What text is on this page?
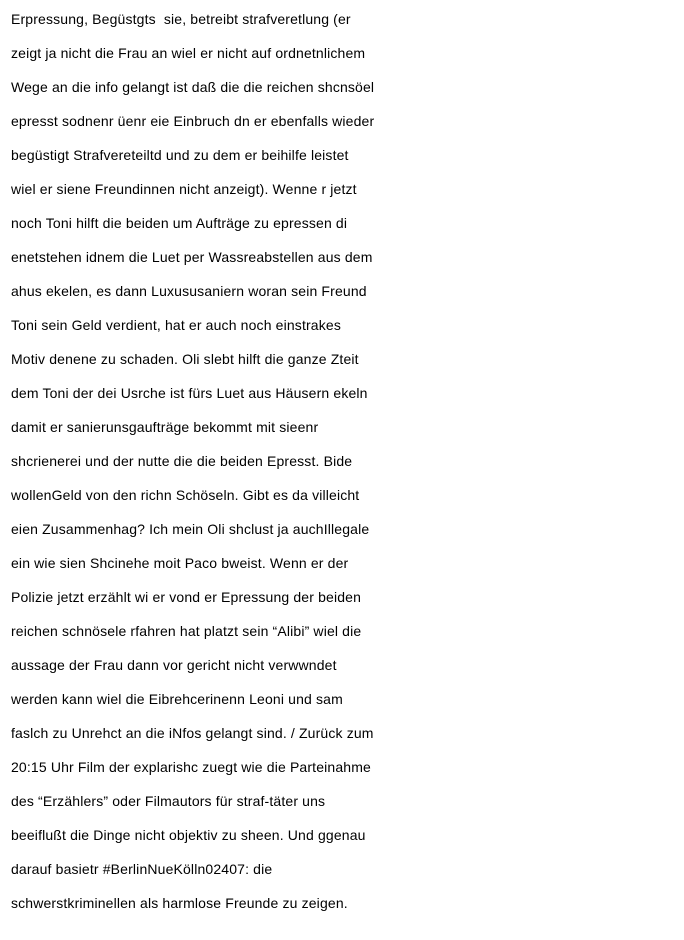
Erpressung, Begüstgts  sie, betreibt strafveretlung (er
zeigt ja nicht die Frau an wiel er nicht auf ordnetnlichem
Wege an die info gelangt ist daß die die reichen shcnsöel
epresst sodnenr üenr eie Einbruch dn er ebenfalls wieder
begüstigt Strafvereteiltd und zu dem er beihilfe leistet
wiel er siene Freundinnen nicht anzeigt). Wenne r jetzt
noch Toni hilft die beiden um Aufträge zu epressen di
enetstehen idnem die Luet per Wassreabstellen aus dem
ahus ekelen, es dann Luxususaniern woran sein Freund
Toni sein Geld verdient, hat er auch noch einstrakes
Motiv denene zu schaden. Oli slebt hilft die ganze Zteit
dem Toni der dei Usrche ist fürs Luet aus Häusern ekeln
damit er sanierunsgaufträge bekommt mit sieenr
shcrienerei und der nutte die die beiden Epresst. Bide
wollenGeld von den richn Schöseln. Gibt es da villeicht
eien Zusammenhag? Ich mein Oli shclust ja auchIllegale
ein wie sien Shcinehe moit Paco bweist. Wenn er der
Polizie jetzt erzählt wi er vond er Epressung der beiden
reichen schnösele rfahren hat platzt sein “Alibi” wiel die
aussage der Frau dann vor gericht nicht verwwndet
werden kann wiel die Eibrehcerinenn Leoni und sam
faslch zu Unrehct an die iNfos gelangt sind. / Zurück zum
20:15 Uhr Film der explarishc zuegt wie die Parteinahme
des “Erzählers” oder Filmautors für straf-täter uns
beeiflußt die Dinge nicht objektiv zu sheen. Und ggenau
darauf basietr #BerlinNueKölln02407: die
schwerstkriminellen als harmlose Freunde zu zeigen.
